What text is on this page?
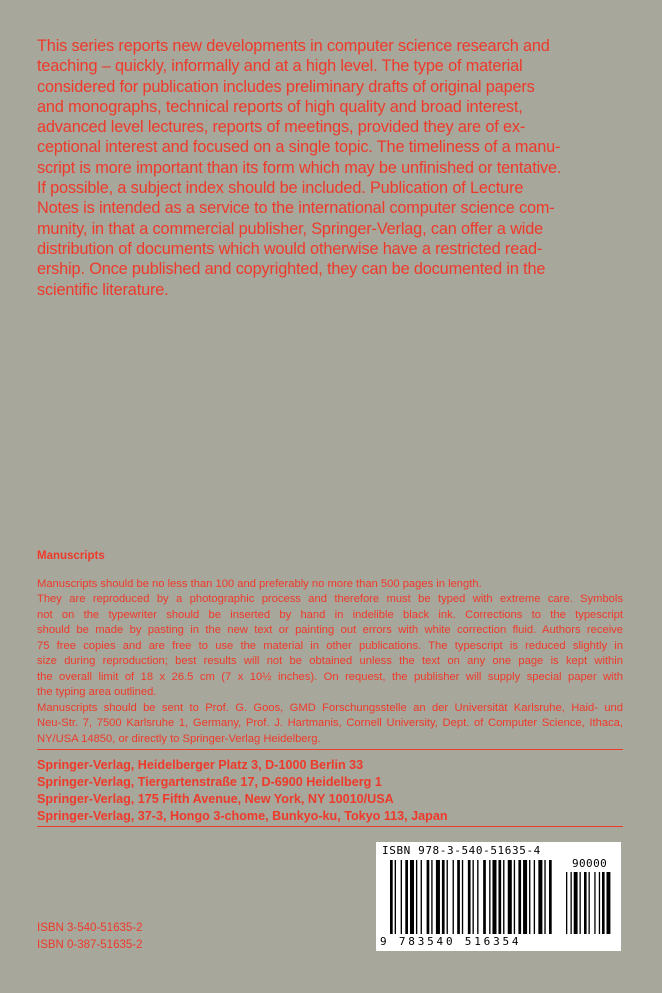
This series reports new developments in computer science research and
teaching – quickly, informally and at a high level. The type of material
considered for publication includes preliminary drafts of original papers
and monographs, technical reports of high quality and broad interest,
advanced level lectures, reports of meetings, provided they are of ex-
ceptional interest and focused on a single topic. The timeliness of a manu-
script is more important than its form which may be unfinished or tentative.
If possible, a subject index should be included. Publication of Lecture
Notes is intended as a service to the international computer science com-
munity, in that a commercial publisher, Springer-Verlag, can offer a wide
distribution of documents which would otherwise have a restricted read-
ership. Once published and copyrighted, they can be documented in the
scientific literature.

Manuscripts

Manuscripts should be no less than 100 and preferably no more than 500 pages in length.

They are reproduced by a photographic process and therefore must be typed with extreme care. Symbols
not on the typewriter should be inserted by hand in indelible black ink. Corrections to the typescript
should be made by pasting in the new text or painting out errors with white correction fluid. Authors receive
75 free copies and are free to use the material in other publications. The typescript is reduced slightly in
size during reproduction; best results will not be obtained unless the text on any one page is kept within
the overall limit of 18 x 26.5 cm (7 x 10½ inches). On request, the publisher will supply special paper with
the typing area outlined.

Manuscripts should be sent to Prof. G. Goos, GMD Forschungsstelle an der Universität Karlsruhe, Haid- und
Neu-Str. 7, 7500 Karlsruhe 1, Germany, Prof. J. Hartmanis, Cornell University, Dept. of Computer Science, Ithaca,
NY/USA 14850, or directly to Springer-Verlag Heidelberg.

Springer-Verlag, Heidelberger Platz 3, D-1000 Berlin 33
Springer-Verlag, Tiergartenstraße 17, D-6900 Heidelberg 1
Springer-Verlag, 175 Fifth Avenue, New York, NY 10010/USA
Springer-Verlag, 37-3, Hongo 3-chome, Bunkyo-ku, Tokyo 113, Japan
ISBN 3-540-51635-2
ISBN 0-387-51635-2
ISBN 978-3-540-51635-4
90000
9 783540 516354
